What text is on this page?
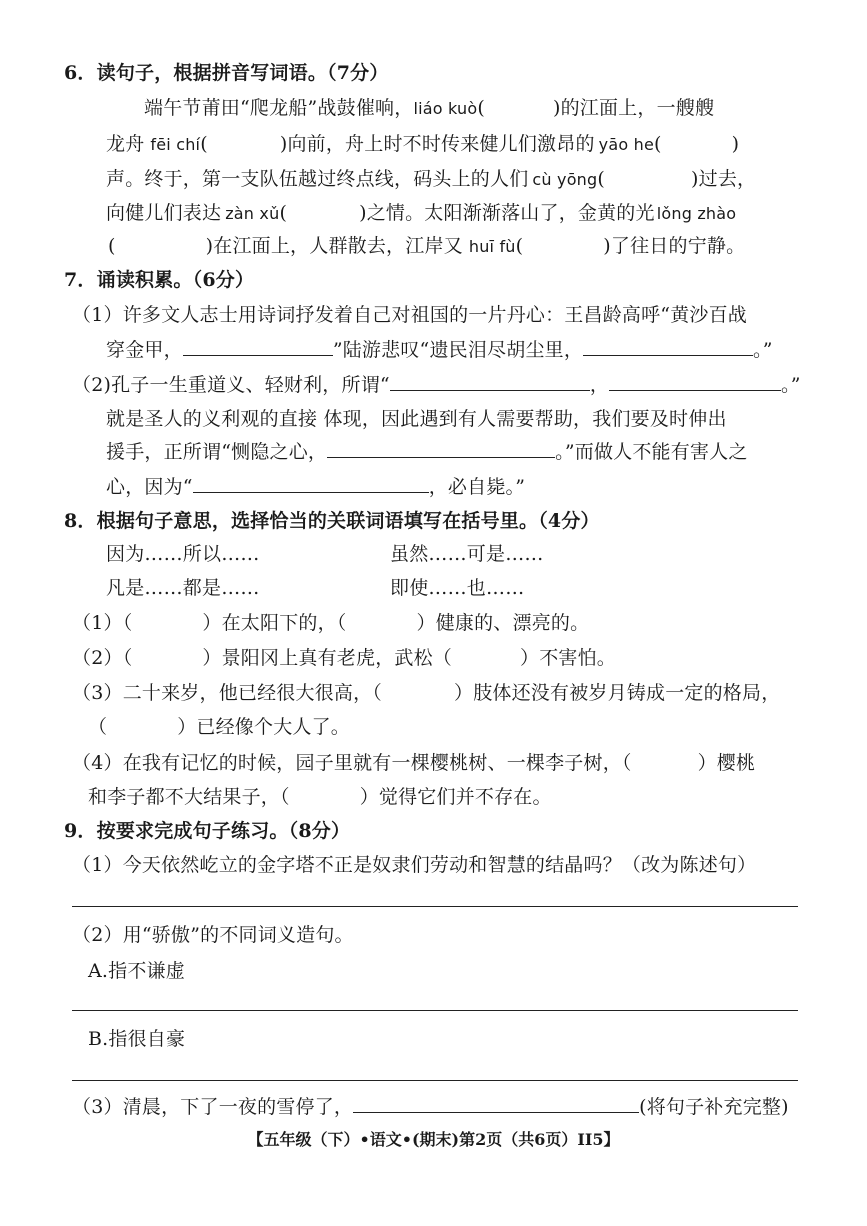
6．读句子，根据拼音写词语。（7分）
端午节莆田“爬龙船”战鼓催响，liáo kuò(	)的江面上，一艘艘
龙舟 fēi chí(	)向前，舟上时不时传来健儿们激昂的 yāo he(	)
声。终于，第一支队伍越过终点线，码头上的人们 cù yōng(	)过去，
向健儿们表达 zàn xǔ(	)之情。太阳渐渐落山了，金黄的光 lǒng zhào
(	)在江面上，人群散去，江岸又 huī fù(	)了往日的宁静。
7．诵读积累。（6分）
（1）许多文人志士用诗词抒发着自己对祖国的一片丹心：王昌龄高呼“黄沙百战
穿金甲，	”陆游悲叹“遗民泪尽胡尘里，	。”
（2)孔子一生重道义、轻财利，所谓“	，	。”
就是圣人的义利观的直接 体现，因此遇到有人需要帮助，我们要及时伸出
援手，正所谓“恻隐之心，	。”而做人不能有害人之
心，因为“	，必自毙。”
8．根据句子意思，选择恰当的关联词语填写在括号里。（4分）
因为……所以……	虽然……可是……
凡是……都是……	即使……也……
（1）（	）在太阳下的，（	）健康的、漂亮的。
（2）（	）景阳冈上真有老虎，武松（	）不害怕。
（3）二十来岁，他已经很大很高，（	）肢体还没有被岁月铸成一定的格局，
（	）已经像个大人了。
（4）在我有记忆的时候，园子里就有一棵樱桃树、一棵李子树，（	）樱桃
和李子都不大结果子，（	）觉得它们并不存在。
9．按要求完成句子练习。（8分）
（1）今天依然屹立的金字塔不正是奴隶们劳动和智慧的结晶吗？（改为陈述句）
（2）用“骄傲”的不同词义造句。
A.指不谦虚
B.指很自豪
（3）清晨，下了一夜的雪停了，	(将句子补充完整)
【五年级（下）•语文•(期末)第2页（共6页）II5】
